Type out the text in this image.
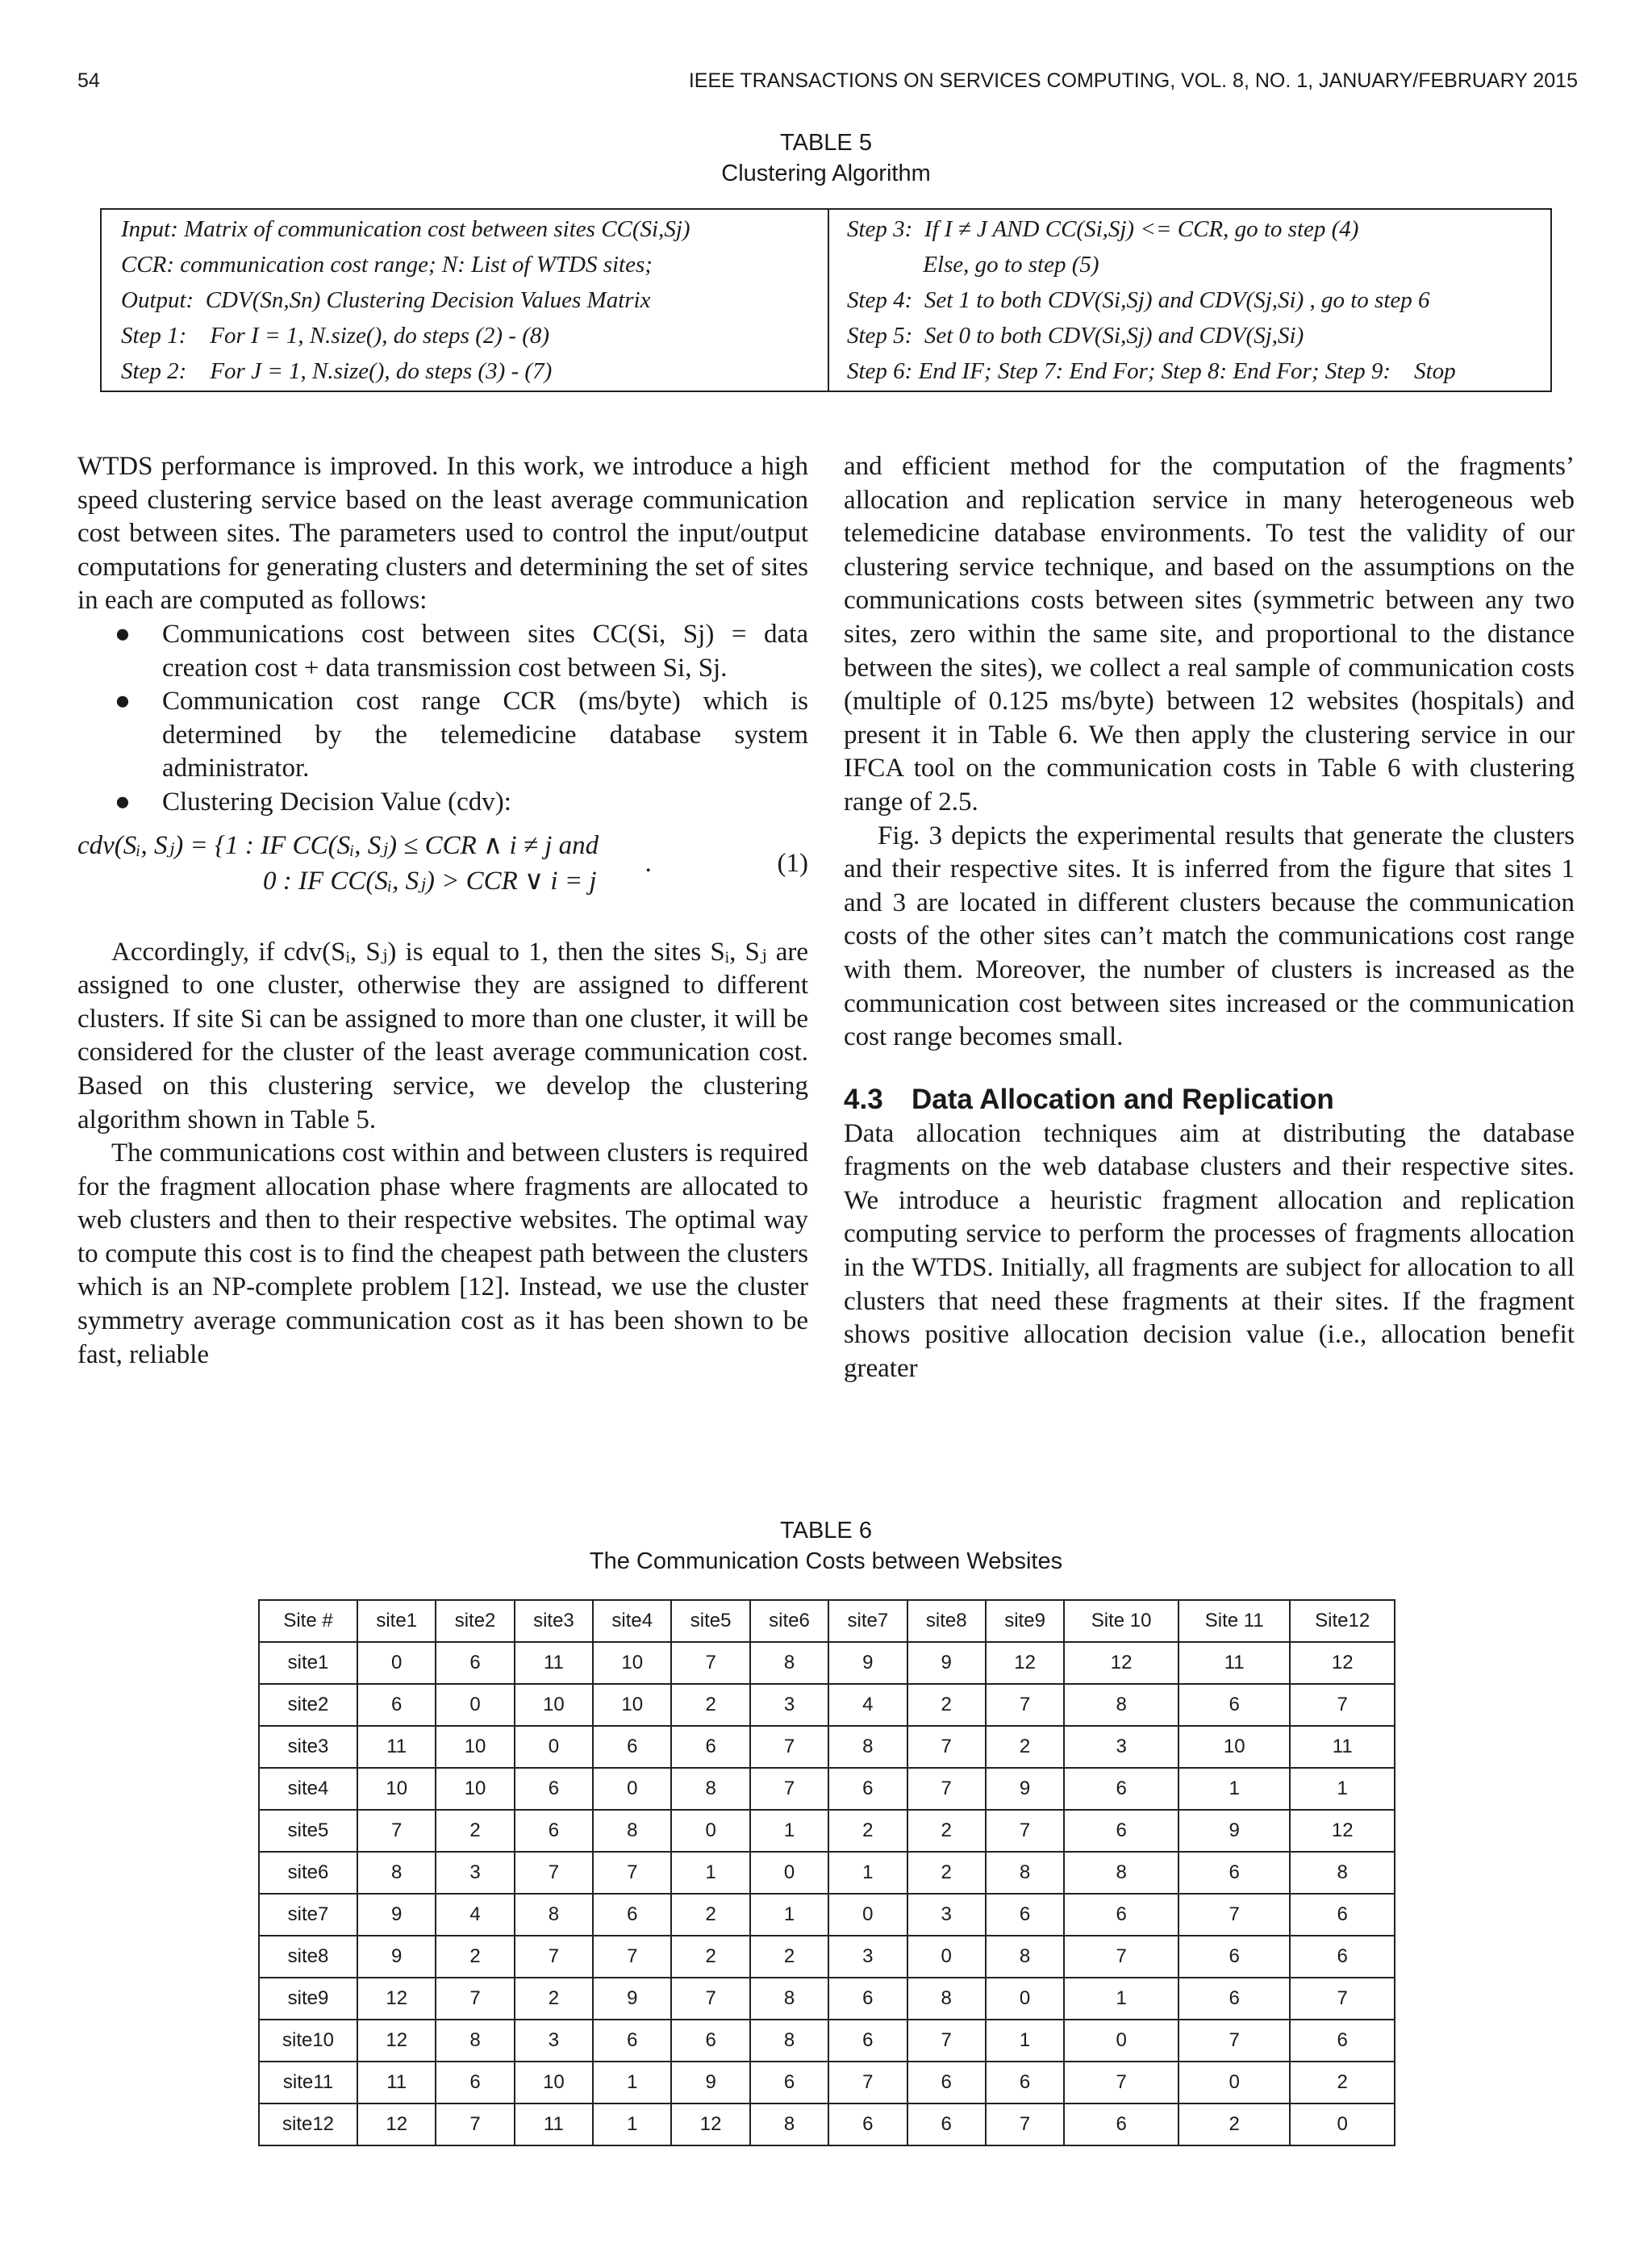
54	IEEE TRANSACTIONS ON SERVICES COMPUTING, VOL. 8, NO. 1, JANUARY/FEBRUARY 2015
TABLE 5
Clustering Algorithm
Input: Matrix of communication cost between sites CC(Si,Sj)
CCR: communication cost range; N: List of WTDS sites;
Output:  CDV(Sn,Sn) Clustering Decision Values Matrix
Step 1:    For I = 1, N.size(), do steps (2) - (8)
Step 2:    For J = 1, N.size(), do steps (3) - (7)
Step 3:  If I ≠ J AND CC(Si,Sj) <= CCR, go to step (4)
Else, go to step (5)
Step 4:  Set 1 to both CDV(Si,Sj) and CDV(Sj,Si) , go to step 6
Step 5:  Set 0 to both CDV(Si,Sj) and CDV(Sj,Si)
Step 6: End IF; Step 7: End For; Step 8: End For; Step 9:    Stop

WTDS performance is improved. In this work, we introduce a high speed clustering service based on the least average communication cost between sites. The parameters used to control the input/output computations for generating clusters and determining the set of sites in each are computed as follows:

● Communications cost between sites CC(Si, Sj) = data creation cost + data transmission cost between Si, Sj.
● Communication cost range CCR (ms/byte) which is determined by the telemedicine database system administrator.
● Clustering Decision Value (cdv):
cdv(Sᵢ, Sⱼ) = {1 : IF CC(Sᵢ, Sⱼ) ≤ CCR ∧ i ≠ j and
0 : IF CC(Sᵢ, Sⱼ) > CCR ∨ i = j.	(1)

Accordingly, if cdv(Sᵢ, Sⱼ) is equal to 1, then the sites Sᵢ, Sⱼ are assigned to one cluster, otherwise they are assigned to different clusters. If site Si can be assigned to more than one cluster, it will be considered for the cluster of the least average communication cost. Based on this clustering service, we develop the clustering algorithm shown in Table 5.

The communications cost within and between clusters is required for the fragment allocation phase where fragments are allocated to web clusters and then to their respective websites. The optimal way to compute this cost is to find the cheapest path between the clusters which is an NP-complete problem [12]. Instead, we use the cluster symmetry average communication cost as it has been shown to be fast, reliable

and efficient method for the computation of the fragments’ allocation and replication service in many heterogeneous web telemedicine database environments. To test the validity of our clustering service technique, and based on the assumptions on the communications costs between sites (symmetric between any two sites, zero within the same site, and proportional to the distance between the sites), we collect a real sample of communication costs (multiple of 0.125 ms/byte) between 12 websites (hospitals) and present it in Table 6. We then apply the clustering service in our IFCA tool on the communication costs in Table 6 with clustering range of 2.5.

Fig. 3 depicts the experimental results that generate the clusters and their respective sites. It is inferred from the figure that sites 1 and 3 are located in different clusters because the communication costs of the other sites can’t match the communications cost range with them. Moreover, the number of clusters is increased as the communication cost between sites increased or the communication cost range becomes small.

4.3 Data Allocation and Replication

Data allocation techniques aim at distributing the database fragments on the web database clusters and their respective sites. We introduce a heuristic fragment allocation and replication computing service to perform the processes of fragments allocation in the WTDS. Initially, all fragments are subject for allocation to all clusters that need these fragments at their sites. If the fragment shows positive allocation decision value (i.e., allocation benefit greater

TABLE 6
The Communication Costs between Websites
Site #	site1	site2	site3	site4	site5	site6	site7	site8	site9	Site 10	Site 11	Site12
site1	0	6	11	10	7	8	9	9	12	12	11	12
site2	6	0	10	10	2	3	4	2	7	8	6	7
site3	11	10	0	6	6	7	8	7	2	3	10	11
site4	10	10	6	0	8	7	6	7	9	6	1	1
site5	7	2	6	8	0	1	2	2	7	6	9	12
site6	8	3	7	7	1	0	1	2	8	8	6	8
site7	9	4	8	6	2	1	0	3	6	6	7	6
site8	9	2	7	7	2	2	3	0	8	7	6	6
site9	12	7	2	9	7	8	6	8	0	1	6	7
site10	12	8	3	6	6	8	6	7	1	0	7	6
site11	11	6	10	1	9	6	7	6	6	7	0	2
site12	12	7	11	1	12	8	6	6	7	6	2	0
